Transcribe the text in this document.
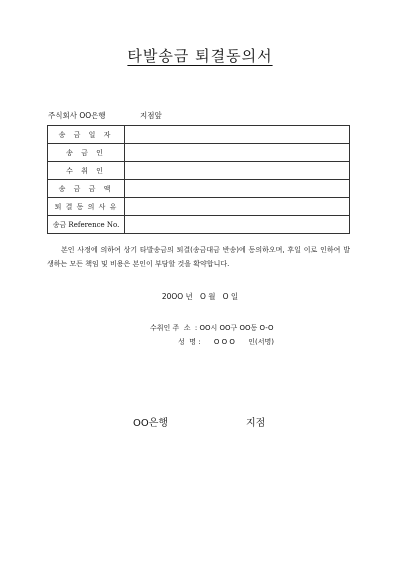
타발송금 퇴결동의서
주식회사 OO은행	지점앞
송 금 일 자	
송 금 인	
수 취 인	
송 금 금 액	
퇴 결 동 의 사 유	
송금 Reference No.	
본인 사정에 의하여 상기 타발송금의 퇴결(송금대금 반송)에 동의하오며, 후일 이로 인하여 발생하는 모든 책임 및 비용은 본인이 부담할 것을 확약합니다.
20OO 년   O 월   O 일
수취인 주  소  : OO시 OO구 OO동 O-O
성  명 :      O O O      인(서명)
OO은행	지점
